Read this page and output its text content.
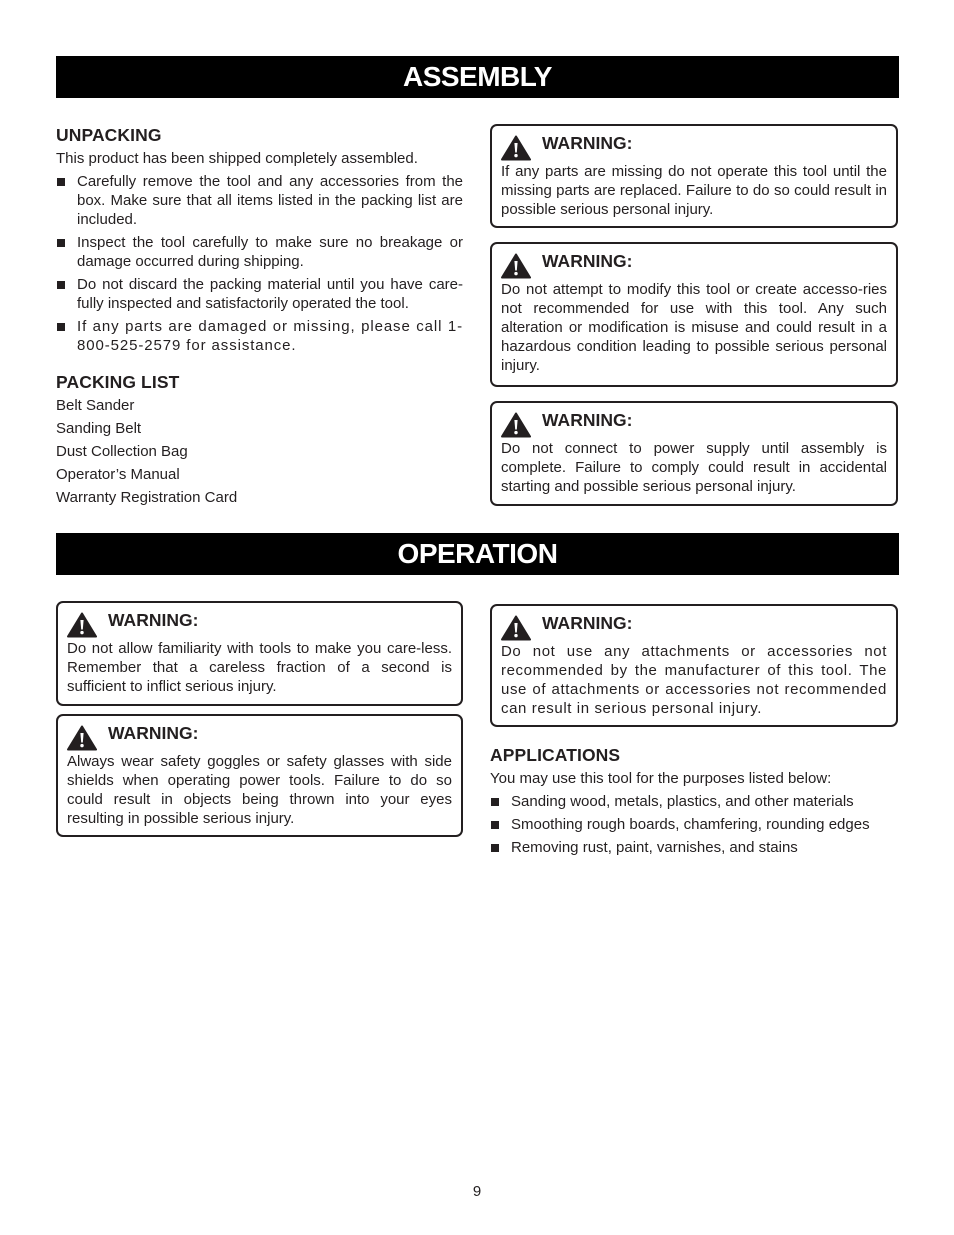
ASSEMBLY
UNPACKING

This product has been shipped completely assembled.

Carefully remove the tool and any accessories from the box. Make sure that all items listed in the packing list are included.
Inspect the tool carefully to make sure no breakage or damage occurred during shipping.
Do not discard the packing material until you have care-fully inspected and satisfactorily operated the tool.
If any parts are damaged or missing, please call 1-800-525-2579 for assistance.
PACKING LIST
Belt Sander
Sanding Belt
Dust Collection Bag
Operator’s Manual
Warranty Registration Card
WARNING:
If any parts are missing do not operate this tool until the missing parts are replaced. Failure to do so could result in possible serious personal injury.
WARNING:
Do not attempt to modify this tool or create accesso-ries not recommended for use with this tool. Any such alteration or modification is misuse and could result in a hazardous condition leading to possible serious personal injury.
WARNING:
Do not connect to power supply until assembly is complete. Failure to comply could result in accidental starting and possible serious personal injury.
OPERATION
WARNING:
Do not allow familiarity with tools to make you care-less. Remember that a careless fraction of a second is sufficient to inflict serious injury.
WARNING:
Always wear safety goggles or safety glasses with side shields when operating power tools. Failure to do so could result in objects being thrown into your eyes resulting in possible serious injury.
WARNING:
Do not use any attachments or accessories not recommended by the manufacturer of this tool. The use of attachments or accessories not recommended can result in serious personal injury.
APPLICATIONS

You may use this tool for the purposes listed below:

Sanding wood, metals, plastics, and other materials
Smoothing rough boards, chamfering, rounding edges
Removing rust, paint, varnishes, and stains
9
